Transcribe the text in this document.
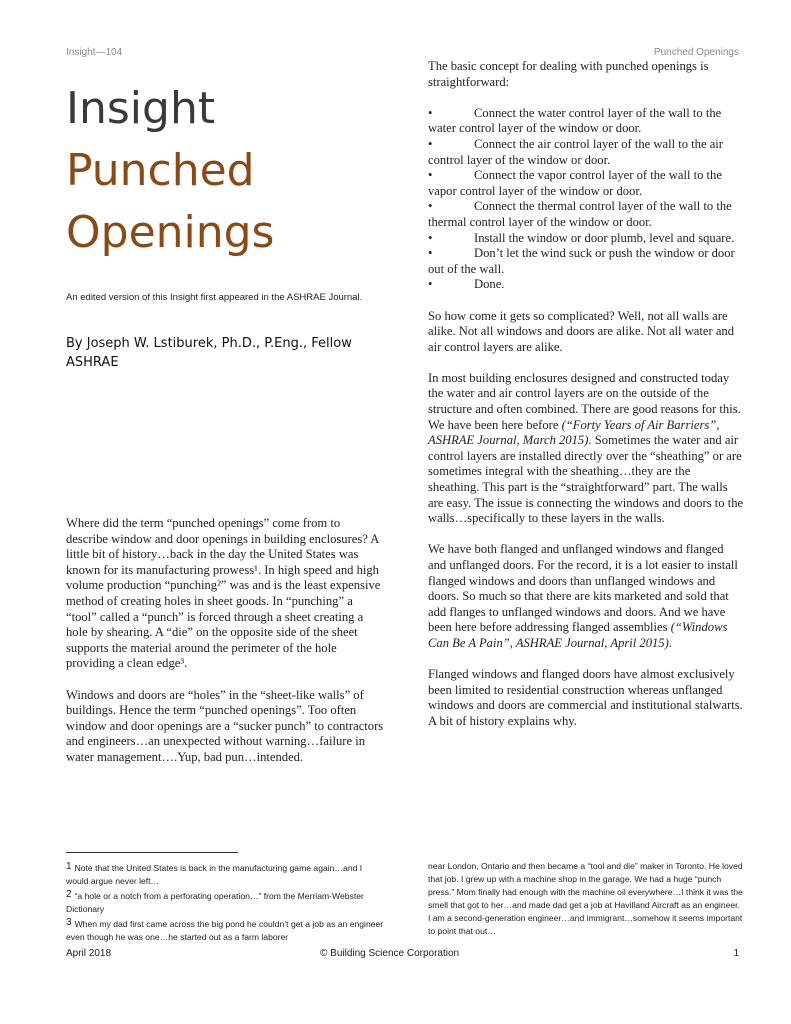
Insight—104	Punched Openings
Insight
Punched
Openings
An edited version of this Insight first appeared in the ASHRAE Journal.
By Joseph W. Lstiburek, Ph.D., P.Eng., Fellow ASHRAE

Where did the term “punched openings” come from to describe window and door openings in building enclosures? A little bit of history…back in the day the United States was known for its manufacturing prowess¹. In high speed and high volume production “punching²” was and is the least expensive method of creating holes in sheet goods. In “punching” a “tool” called a “punch” is forced through a sheet creating a hole by shearing. A “die” on the opposite side of the sheet supports the material around the perimeter of the hole providing a clean edge³.

Windows and doors are “holes” in the “sheet-like walls” of buildings. Hence the term “punched openings”. Too often window and door openings are a “sucker punch” to contractors and engineers…an unexpected without warning…failure in water management….Yup, bad pun…intended.

The basic concept for dealing with punched openings is straightforward:

•	Connect the water control layer of the wall to the water control layer of the window or door.
•	Connect the air control layer of the wall to the air control layer of the window or door.
•	Connect the vapor control layer of the wall to the vapor control layer of the window or door.
•	Connect the thermal control layer of the wall to the thermal control layer of the window or door.
•	Install the window or door plumb, level and square.
•	Don’t let the wind suck or push the window or door out of the wall.
•	Done.

So how come it gets so complicated? Well, not all walls are alike. Not all windows and doors are alike. Not all water and air control layers are alike.

In most building enclosures designed and constructed today the water and air control layers are on the outside of the structure and often combined. There are good reasons for this. We have been here before (“Forty Years of Air Barriers”, ASHRAE Journal, March 2015). Sometimes the water and air control layers are installed directly over the “sheathing” or are sometimes integral with the sheathing…they are the sheathing. This part is the “straightforward” part. The walls are easy. The issue is connecting the windows and doors to the walls…specifically to these layers in the walls.

We have both flanged and unflanged windows and flanged and unflanged doors. For the record, it is a lot easier to install flanged windows and doors than unflanged windows and doors. So much so that there are kits marketed and sold that add flanges to unflanged windows and doors. And we have been here before addressing flanged assemblies (“Windows Can Be A Pain”, ASHRAE Journal, April 2015).

Flanged windows and flanged doors have almost exclusively been limited to residential construction whereas unflanged windows and doors are commercial and institutional stalwarts. A bit of history explains why.

$^1$ Note that the United States is back in the manufacturing game again…and I would argue never left…
$^2$ “a hole or a notch from a perforating operation…” from the Merriam-Webster Dictionary
$^3$ When my dad first came across the big pond he couldn’t get a job as an engineer even though he was one…he started out as a farm laborer
near London, Ontario and then became a “tool and die” maker in Toronto. He loved that job. I grew up with a machine shop in the garage. We had a huge “punch press.” Mom finally had enough with the machine oil everywhere…I think it was the smell that got to her…and made dad get a job at Havilland Aircraft as an engineer. I am a second-generation engineer…and immigrant…somehow it seems important to point that out…
April 2018	© Building Science Corporation	1
